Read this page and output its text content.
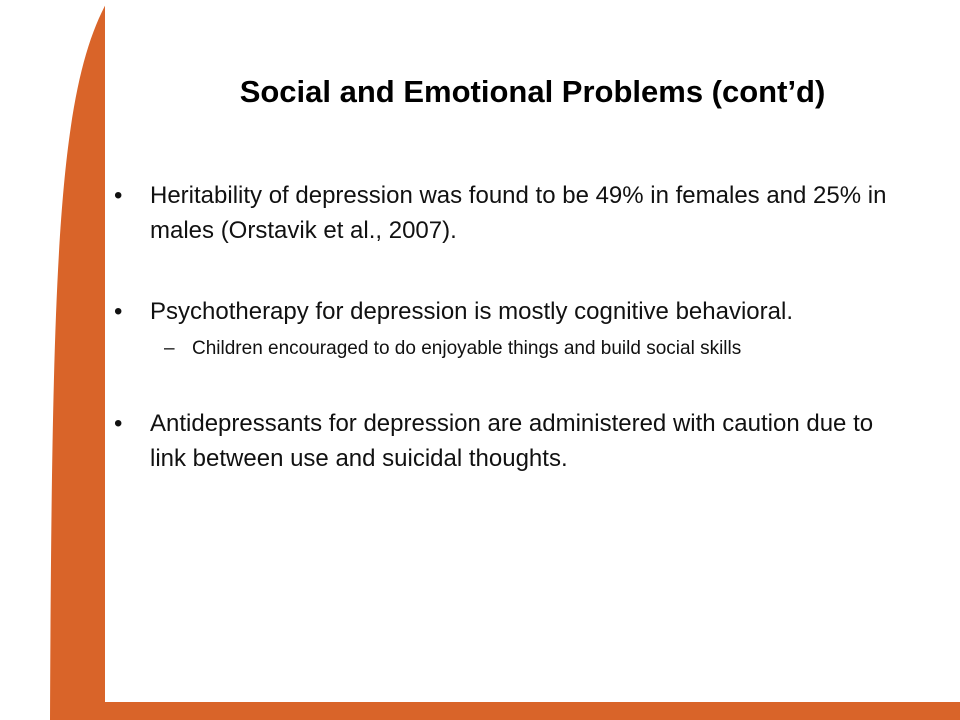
Social and Emotional Problems (cont’d)

• Heritability of depression was found to be 49% in females and 25% in males (Orstavik et al., 2007).

• Psychotherapy for depression is mostly cognitive behavioral.

– Children encouraged to do enjoyable things and build social skills

• Antidepressants for depression are administered with caution due to link between use and suicidal thoughts.
